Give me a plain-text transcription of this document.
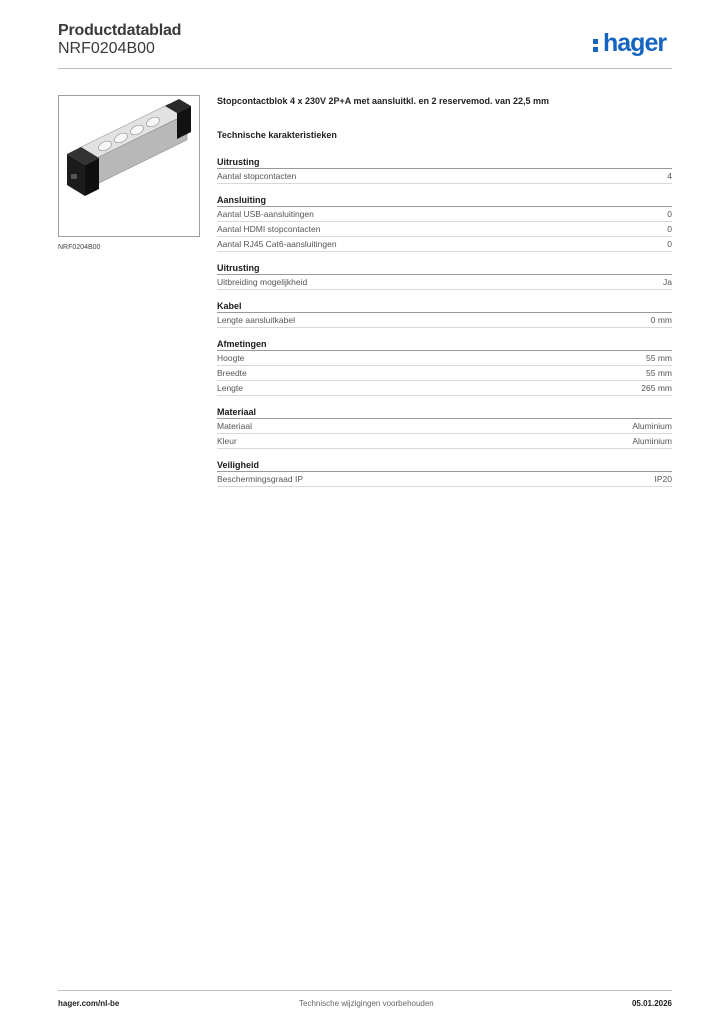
Productdatablad
NRF0204B00	hager
NRF0204B00
Stopcontactblok 4 x 230V 2P+A met aansluitkl. en 2 reservemod. van 22,5 mm
Technische karakteristieken
Uitrusting
Aantal stopcontacten	4
Aansluiting
Aantal USB-aansluitingen	0
Aantal HDMI stopcontacten	0
Aantal RJ45 Cat6-aansluitingen	0
Uitrusting
Uitbreiding mogelijkheid	Ja
Kabel
Lengte aansluitkabel	0 mm
Afmetingen
Hoogte	55 mm
Breedte	55 mm
Lengte	265 mm
Materiaal
Materiaal	Aluminium
Kleur	Aluminium
Veiligheid
Beschermingsgraad IP	IP20
hager.com/nl-be	Technische wijzigingen voorbehouden	05.01.2026
